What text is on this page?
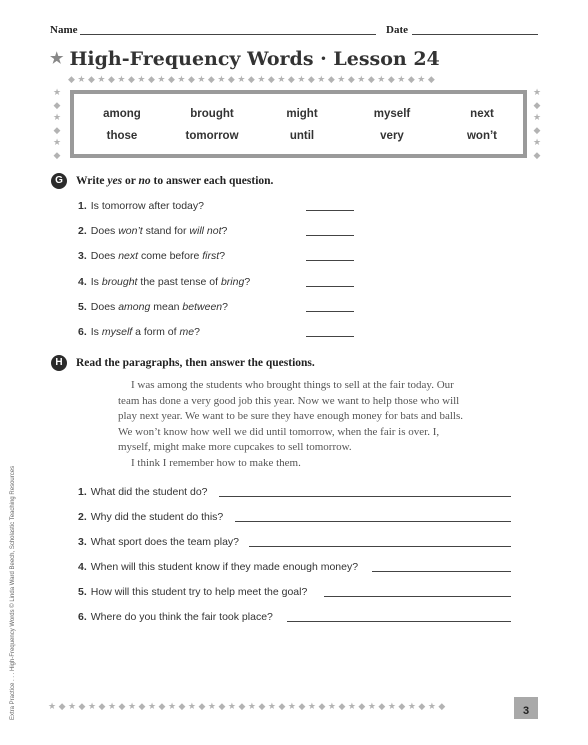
Name	Date
★ High-Frequency Words · Lesson 24
◆ ★ ◆ ★ ◆ ★ ◆ ★ ◆ ★ ◆ ★ ◆ ★ ◆ ★ ◆ ★ ◆ ★ ◆ ★ ◆ ★ ◆ ★ ◆ ★ ◆ ★ ◆ ★ ◆ ★ ◆ ★ ◆
★
◆
★
◆
★
◆
★
◆
★
◆
★
◆
among	brought	might	myself	next
those	tomorrow	until	very	won’t
G	Write yes or no to answer each question.
1. Is tomorrow after today?
2. Does won’t stand for will not?
3. Does next come before first?
4. Is brought the past tense of bring?
5. Does among mean between?
6. Is myself a form of me?
H	Read the paragraphs, then answer the questions.

I was among the students who brought things to sell at the fair today. Our team has done a very good job this year. Now we want to help those who will play next year. We want to be sure they have enough money for bats and balls. We won’t know how well we did until tomorrow, when the fair is over. I, myself, might make more cupcakes to sell tomorrow.

I think I remember how to make them.

1. What did the student do?
2. Why did the student do this?
3. What sport does the team play?
4. When will this student know if they made enough money?
5. How will this student try to help meet the goal?
6. Where do you think the fair took place?
Extra Practice . . . High-Frequency Words © Linda Ward Beech, Scholastic Teaching Resources	★ ◆ ★ ◆ ★ ◆ ★ ◆ ★ ◆ ★ ◆ ★ ◆ ★ ◆ ★ ◆ ★ ◆ ★ ◆ ★ ◆ ★ ◆ ★ ◆ ★ ◆ ★ ◆ ★ ◆ ★ ◆ ★ ◆ ★ ◆	3
